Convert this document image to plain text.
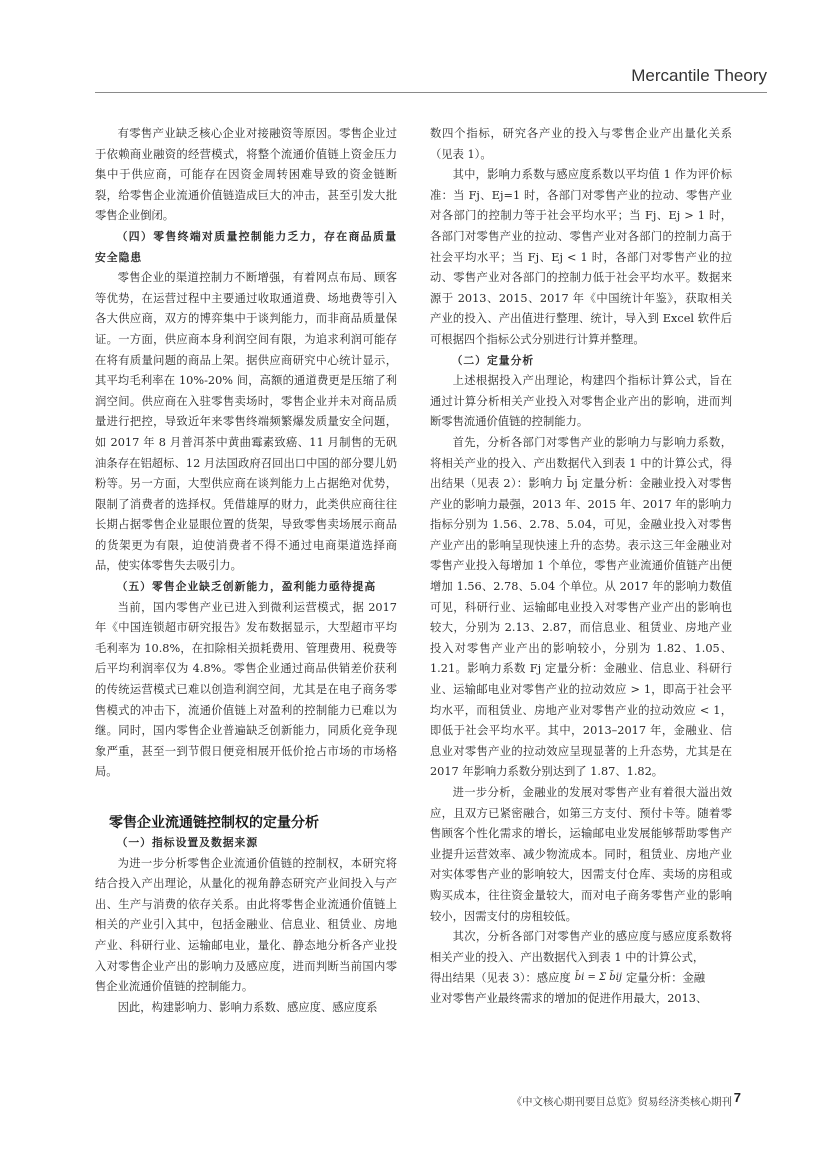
Mercantile Theory

有零售产业缺乏核心企业对接融资等原因。零售企业过于依赖商业融资的经营模式，将整个流通价值链上资金压力集中于供应商，可能存在因资金周转困难导致的资金链断裂，给零售企业流通价值链造成巨大的冲击，甚至引发大批零售企业倒闭。

（四）零售终端对质量控制能力乏力，存在商品质量安全隐患

零售企业的渠道控制力不断增强，有着网点布局、顾客等优势，在运营过程中主要通过收取通道费、场地费等引入各大供应商，双方的博弈集中于谈判能力，而非商品质量保证。一方面，供应商本身利润空间有限，为追求利润可能存在将有质量问题的商品上架。据供应商研究中心统计显示，其平均毛利率在 10%-20% 间，高额的通道费更是压缩了利润空间。供应商在入驻零售卖场时，零售企业并未对商品质量进行把控，导致近年来零售终端频繁爆发质量安全问题，如 2017 年 8 月普洱茶中黄曲霉素致癌、11 月制售的无矾油条存在铝超标、12 月法国政府召回出口中国的部分婴儿奶粉等。另一方面，大型供应商在谈判能力上占据绝对优势，限制了消费者的选择权。凭借雄厚的财力，此类供应商往往长期占据零售企业显眼位置的货架，导致零售卖场展示商品的货架更为有限，迫使消费者不得不通过电商渠道选择商品，使实体零售失去吸引力。

（五）零售企业缺乏创新能力，盈利能力亟待提高

当前，国内零售产业已进入到微利运营模式，据 2017 年《中国连锁超市研究报告》发布数据显示，大型超市平均毛利率为 10.8%，在扣除相关损耗费用、管理费用、税费等后平均利润率仅为 4.8%。零售企业通过商品供销差价获利的传统运营模式已难以创造利润空间，尤其是在电子商务零售模式的冲击下，流通价值链上对盈利的控制能力已难以为继。同时，国内零售企业普遍缺乏创新能力，同质化竞争现象严重，甚至一到节假日便竞相展开低价抢占市场的市场格局。

零售企业流通链控制权的定量分析

（一）指标设置及数据来源

为进一步分析零售企业流通价值链的控制权，本研究将结合投入产出理论，从量化的视角静态研究产业间投入与产出、生产与消费的依存关系。由此将零售企业流通价值链上相关的产业引入其中，包括金融业、信息业、租赁业、房地产业、科研行业、运输邮电业，量化、静态地分析各产业投入对零售企业产出的影响力及感应度，进而判断当前国内零售企业流通价值链的控制能力。

因此，构建影响力、影响力系数、感应度、感应度系

数四个指标，研究各产业的投入与零售企业产出量化关系（见表 1）。

其中，影响力系数与感应度系数以平均值 1 作为评价标准：当 Fj、Ej=1 时，各部门对零售产业的拉动、零售产业对各部门的控制力等于社会平均水平；当 Fj、Ej > 1 时，各部门对零售产业的拉动、零售产业对各部门的控制力高于社会平均水平；当 Fj、Ej < 1 时，各部门对零售产业的拉动、零售产业对各部门的控制力低于社会平均水平。数据来源于 2013、2015、2017 年《中国统计年鉴》，获取相关产业的投入、产出值进行整理、统计，导入到 Excel 软件后可根据四个指标公式分别进行计算并整理。

（二）定量分析

上述根据投入产出理论，构建四个指标计算公式，旨在通过计算分析相关产业投入对零售企业产出的影响，进而判断零售流通价值链的控制能力。

首先，分析各部门对零售产业的影响力与影响力系数，将相关产业的投入、产出数据代入到表 1 中的计算公式，得出结果（见表 2）：影响力 b̄j 定量分析：金融业投入对零售产业的影响力最强，2013 年、2015 年、2017 年的影响力指标分别为 1.56、2.78、5.04，可见，金融业投入对零售产业产出的影响呈现快速上升的态势。表示这三年金融业对零售产业投入每增加 1 个单位，零售产业流通价值链产出便增加 1.56、2.78、5.04 个单位。从 2017 年的影响力数值可见，科研行业、运输邮电业投入对零售产业产出的影响也较大，分别为 2.13、2.87，而信息业、租赁业、房地产业投入对零售产业产出的影响较小，分别为 1.82、1.05、1.21。影响力系数 Fj 定量分析：金融业、信息业、科研行业、运输邮电业对零售产业的拉动效应 > 1，即高于社会平均水平，而租赁业、房地产业对零售产业的拉动效应 < 1，即低于社会平均水平。其中，2013–2017 年，金融业、信息业对零售产业的拉动效应呈现显著的上升态势，尤其是在 2017 年影响力系数分别达到了 1.87、1.82。

进一步分析，金融业的发展对零售产业有着很大溢出效应，且双方已紧密融合，如第三方支付、预付卡等。随着零售顾客个性化需求的增长，运输邮电业发展能够帮助零售产业提升运营效率、减少物流成本。同时，租赁业、房地产业对实体零售产业的影响较大，因需支付仓库、卖场的房租或购买成本，往往资金量较大，而对电子商务零售产业的影响较小，因需支付的房租较低。

其次，分析各部门对零售产业的感应度与感应度系数将相关产业的投入、产出数据代入到表 1 中的计算公式，

得出结果（见表 3）：感应度 b̄i = Σ b̄ij 定量分析：金融

业对零售产业最终需求的增加的促进作用最大，2013、

《中文核心期刊要目总览》贸易经济类核心期刊 7
